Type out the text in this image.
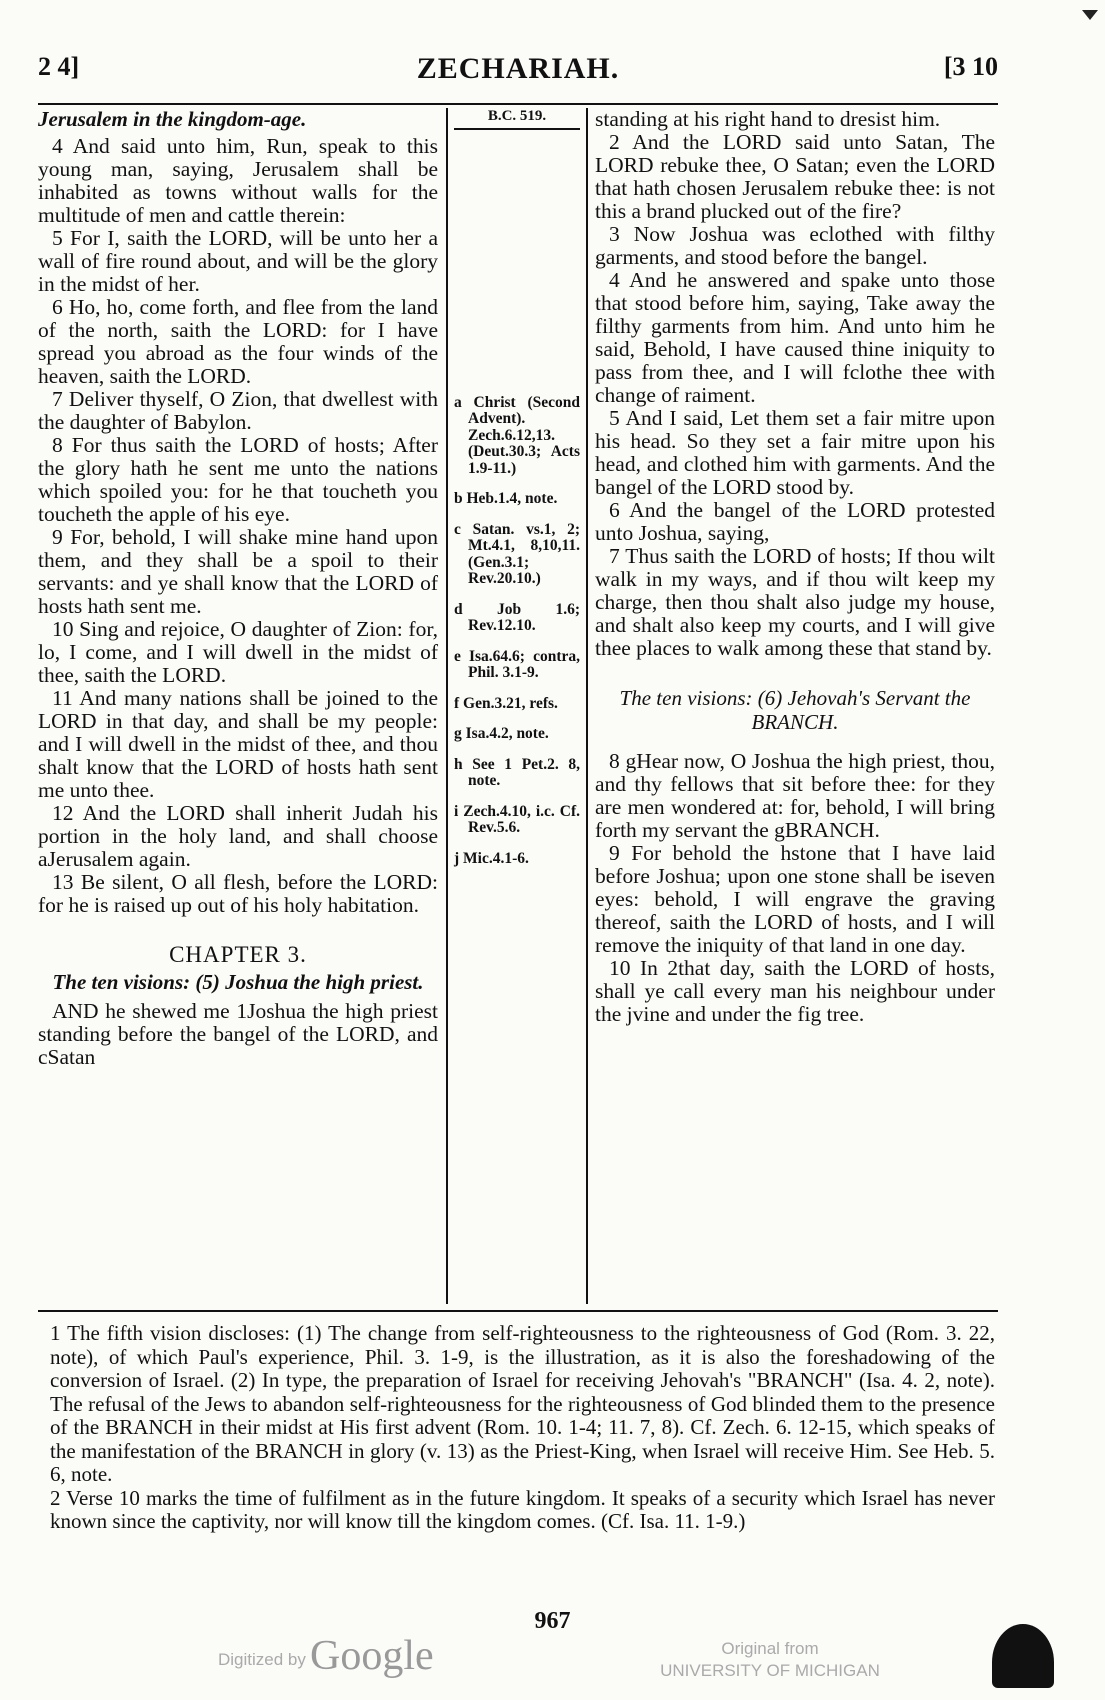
ZECHARIAH.
2 4]	[3 10
Jerusalem in the kingdom-age.

4 And said unto him, Run, speak to this young man, saying, Jerusalem shall be inhabited as towns without walls for the multitude of men and cattle therein:

5 For I, saith the LORD, will be unto her a wall of fire round about, and will be the glory in the midst of her.

6 Ho, ho, come forth, and flee from the land of the north, saith the LORD: for I have spread you abroad as the four winds of the heaven, saith the LORD.

7 Deliver thyself, O Zion, that dwellest with the daughter of Babylon.

8 For thus saith the LORD of hosts; After the glory hath he sent me unto the nations which spoiled you: for he that toucheth you toucheth the apple of his eye.

9 For, behold, I will shake mine hand upon them, and they shall be a spoil to their servants: and ye shall know that the LORD of hosts hath sent me.

10 Sing and rejoice, O daughter of Zion: for, lo, I come, and I will dwell in the midst of thee, saith the LORD.

11 And many nations shall be joined to the LORD in that day, and shall be my people: and I will dwell in the midst of thee, and thou shalt know that the LORD of hosts hath sent me unto thee.

12 And the LORD shall inherit Judah his portion in the holy land, and shall choose aJerusalem again.

13 Be silent, O all flesh, before the LORD: for he is raised up out of his holy habitation.

CHAPTER 3.
The ten visions: (5) Joshua the high priest.

AND he shewed me 1Joshua the high priest standing before the bangel of the LORD, and cSatan

B.C. 519.
a Christ (Second Advent). Zech.6.12,13. (Deut.30.3; Acts 1.9-11.)
b Heb.1.4, note.
c Satan. vs.1, 2; Mt.4.1, 8,10,11. (Gen.3.1; Rev.20.10.)
d Job 1.6; Rev.12.10.
e Isa.64.6; contra, Phil. 3.1-9.
f Gen.3.21, refs.
g Isa.4.2, note.
h See 1 Pet.2. 8, note.
i Zech.4.10, i.c. Cf. Rev.5.6.
j Mic.4.1-6.

standing at his right hand to dresist him.

2 And the LORD said unto Satan, The LORD rebuke thee, O Satan; even the LORD that hath chosen Jerusalem rebuke thee: is not this a brand plucked out of the fire?

3 Now Joshua was eclothed with filthy garments, and stood before the bangel.

4 And he answered and spake unto those that stood before him, saying, Take away the filthy garments from him. And unto him he said, Behold, I have caused thine iniquity to pass from thee, and I will fclothe thee with change of raiment.

5 And I said, Let them set a fair mitre upon his head. So they set a fair mitre upon his head, and clothed him with garments. And the bangel of the LORD stood by.

6 And the bangel of the LORD protested unto Joshua, saying,

7 Thus saith the LORD of hosts; If thou wilt walk in my ways, and if thou wilt keep my charge, then thou shalt also judge my house, and shalt also keep my courts, and I will give thee places to walk among these that stand by.

The ten visions: (6) Jehovah's Servant the BRANCH.

8 gHear now, O Joshua the high priest, thou, and thy fellows that sit before thee: for they are men wondered at: for, behold, I will bring forth my servant the gBRANCH.

9 For behold the hstone that I have laid before Joshua; upon one stone shall be iseven eyes: behold, I will engrave the graving thereof, saith the LORD of hosts, and I will remove the iniquity of that land in one day.

10 In 2that day, saith the LORD of hosts, shall ye call every man his neighbour under the jvine and under the fig tree.

1 The fifth vision discloses: (1) The change from self-righteousness to the righteousness of God (Rom. 3. 22, note), of which Paul's experience, Phil. 3. 1-9, is the illustration, as it is also the foreshadowing of the conversion of Israel. (2) In type, the preparation of Israel for receiving Jehovah's "BRANCH" (Isa. 4. 2, note). The refusal of the Jews to abandon self-righteousness for the righteousness of God blinded them to the presence of the BRANCH in their midst at His first advent (Rom. 10. 1-4; 11. 7, 8). Cf. Zech. 6. 12-15, which speaks of the manifestation of the BRANCH in glory (v. 13) as the Priest-King, when Israel will receive Him. See Heb. 5. 6, note.

2 Verse 10 marks the time of fulfilment as in the future kingdom. It speaks of a security which Israel has never known since the captivity, nor will know till the kingdom comes. (Cf. Isa. 11. 1-9.)

967
Digitized by Google	Original from
UNIVERSITY OF MICHIGAN
